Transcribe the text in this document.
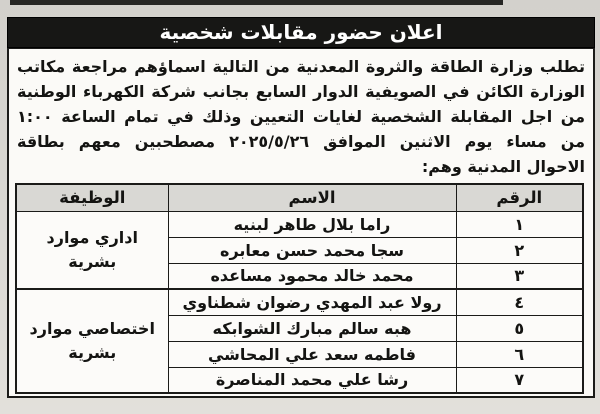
اعلان حضور مقابلات شخصية
تطلب وزارة الطاقة والثروة المعدنية من التالية اسماؤهم مراجعة مكاتب
الوزارة الكائن في الصويفية الدوار السابع بجانب شركة الكهرباء الوطنية
من اجل المقابلة الشخصية لغايات التعيين وذلك في تمام الساعة ١:٠٠
من مساء يوم الاثنين الموافق ٢٠٢٥/٥/٢٦ مصطحبين معهم بطاقة
الاحوال المدنية وهم:
الرقم	الاسم	الوظيفة
١	راما بلال طاهر لبنيه	اداري موارد بشرية
٢	سجا محمد حسن معابره	
٣	محمد خالد محمود مساعده	
٤	رولا عبد المهدي رضوان شطناوي	اختصاصي موارد بشرية
٥	هبه سالم مبارك الشوابكه	
٦	فاطمه سعد علي المحاشي	
٧	رشا علي محمد المناصرة	
